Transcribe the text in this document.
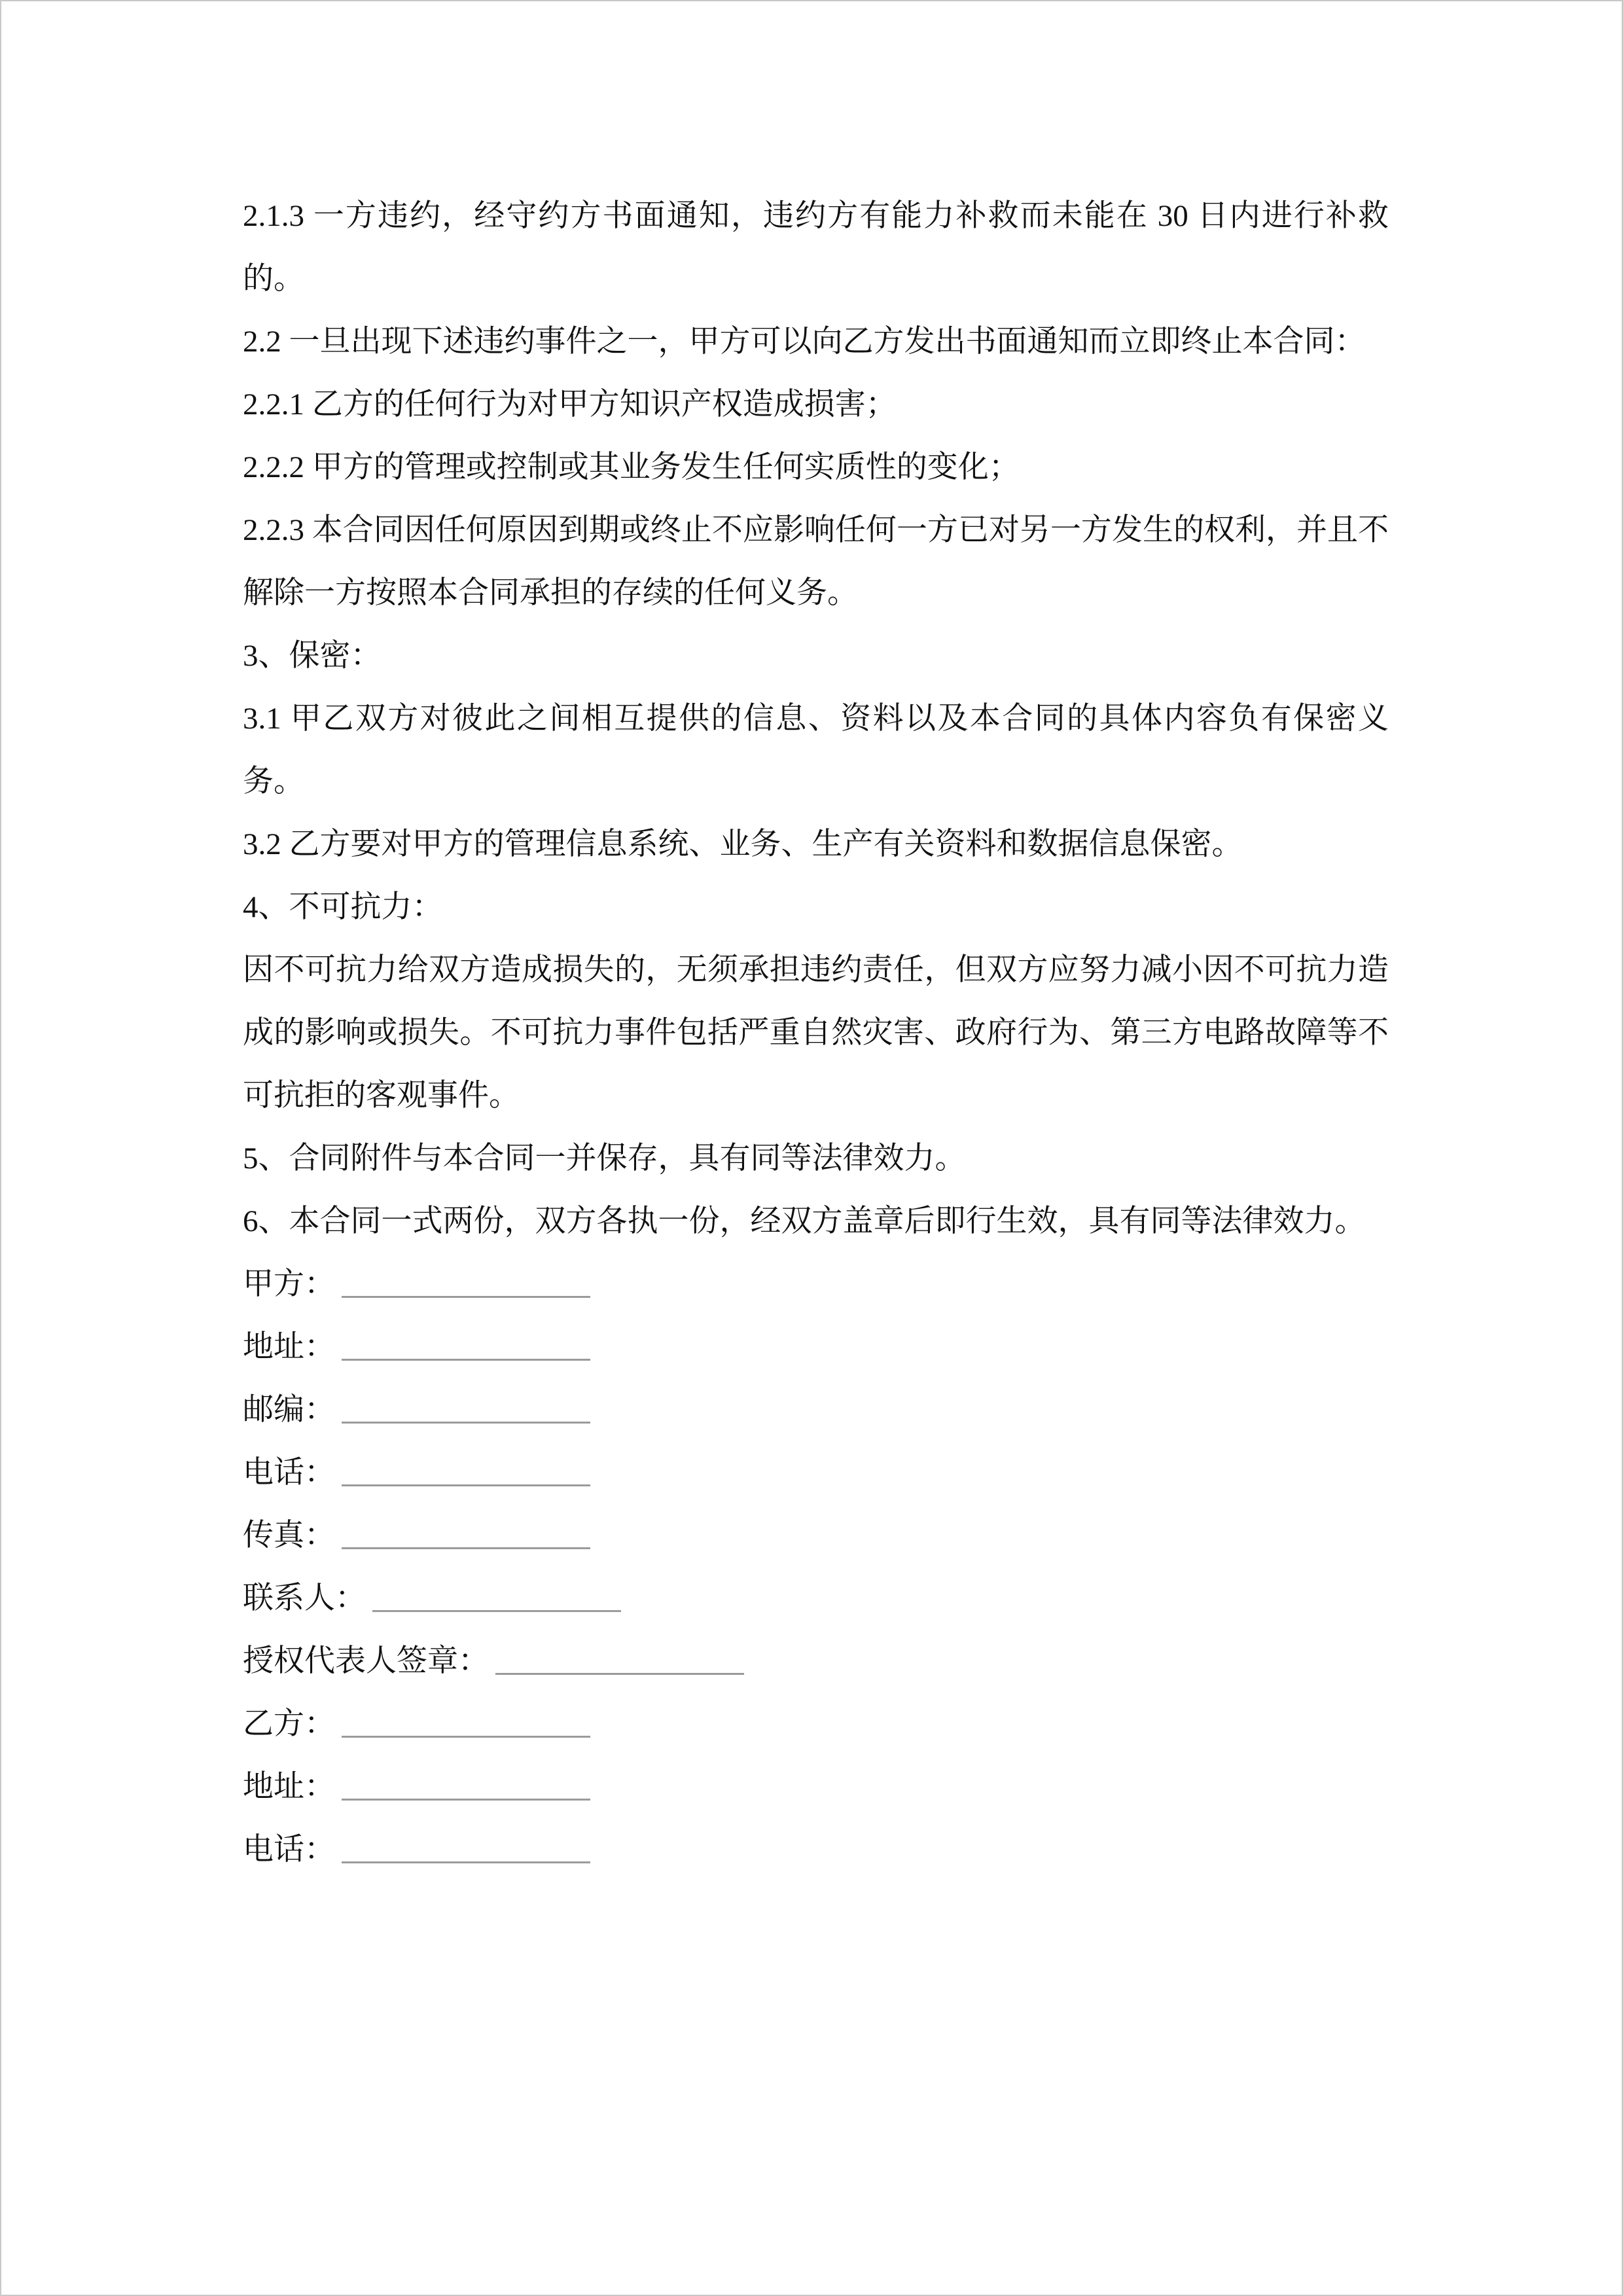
2.1.3 一方违约，经守约方书面通知，违约方有能力补救而未能在 30 日内进行补救的。

2.2 一旦出现下述违约事件之一，甲方可以向乙方发出书面通知而立即终止本合同：

2.2.1 乙方的任何行为对甲方知识产权造成损害；

2.2.2 甲方的管理或控制或其业务发生任何实质性的变化；

2.2.3 本合同因任何原因到期或终止不应影响任何一方已对另一方发生的权利，并且不解除一方按照本合同承担的存续的任何义务。

3、保密：

3.1 甲乙双方对彼此之间相互提供的信息、资料以及本合同的具体内容负有保密义务。

3.2 乙方要对甲方的管理信息系统、业务、生产有关资料和数据信息保密。

4、不可抗力：

因不可抗力给双方造成损失的，无须承担违约责任，但双方应努力减小因不可抗力造成的影响或损失。不可抗力事件包括严重自然灾害、政府行为、第三方电路故障等不可抗拒的客观事件。

5、合同附件与本合同一并保存，具有同等法律效力。

6、本合同一式两份，双方各执一份，经双方盖章后即行生效，具有同等法律效力。

甲方：
地址：
邮编：
电话：
传真：
联系人：
授权代表人签章：
乙方：
地址：
电话：
